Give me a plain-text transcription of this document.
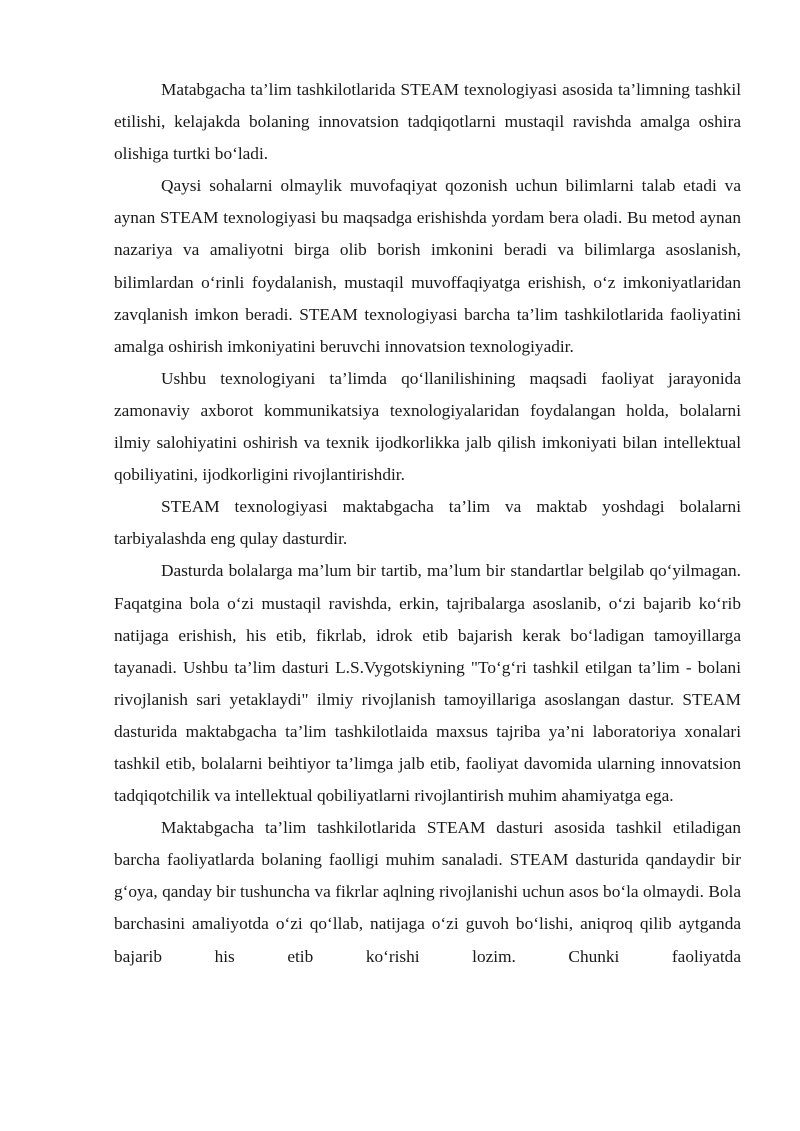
Matabgacha ta’lim tashkilotlarida STEAM texnologiyasi asosida ta’limning tashkil etilishi, kelajakda bolaning innovatsion tadqiqotlarni mustaqil ravishda amalga oshira olishiga turtki bo‘ladi.

Qaysi sohalarni olmaylik muvofaqiyat qozonish uchun bilimlarni talab etadi va aynan STEAM texnologiyasi bu maqsadga erishishda yordam bera oladi. Bu metod aynan nazariya va amaliyotni birga olib borish imkonini beradi va bilimlarga asoslanish, bilimlardan o‘rinli foydalanish, mustaqil muvoffaqiyatga erishish, o‘z imkoniyatlaridan zavqlanish imkon beradi. STEAM texnologiyasi barcha ta’lim tashkilotlarida faoliyatini amalga oshirish imkoniyatini beruvchi innovatsion texnologiyadir.

Ushbu texnologiyani ta’limda qo‘llanilishining maqsadi faoliyat jarayonida zamonaviy axborot kommunikatsiya texnologiyalaridan foydalangan holda, bolalarni ilmiy salohiyatini oshirish va texnik ijodkorlikka jalb qilish imkoniyati bilan intellektual qobiliyatini, ijodkorligini rivojlantirishdir.

STEAM texnologiyasi maktabgacha ta’lim va maktab yoshdagi bolalarni tarbiyalashda eng qulay dasturdir.

Dasturda bolalarga ma’lum bir tartib, ma’lum bir standartlar belgilab qo‘yilmagan. Faqatgina bola o‘zi mustaqil ravishda, erkin, tajribalarga asoslanib, o‘zi bajarib ko‘rib natijaga erishish, his etib, fikrlab, idrok etib bajarish kerak bo‘ladigan tamoyillarga tayanadi. Ushbu ta’lim dasturi L.S.Vygotskiyning "To‘g‘ri tashkil etilgan ta’lim - bolani rivojlanish sari yetaklaydi" ilmiy rivojlanish tamoyillariga asoslangan dastur. STEAM dasturida maktabgacha ta’lim tashkilotlaida maxsus tajriba ya’ni laboratoriya xonalari tashkil etib, bolalarni beihtiyor ta’limga jalb etib, faoliyat davomida ularning innovatsion tadqiqotchilik va intellektual qobiliyatlarni rivojlantirish muhim ahamiyatga ega.

Maktabgacha ta’lim tashkilotlarida STEAM dasturi asosida tashkil etiladigan barcha faoliyatlarda bolaning faolligi muhim sanaladi. STEAM dasturida qandaydir bir g‘oya, qanday bir tushuncha va fikrlar aqlning rivojlanishi uchun asos bo‘la olmaydi. Bola barchasini amaliyotda o‘zi qo‘llab, natijaga o‘zi guvoh bo‘lishi, aniqroq qilib aytganda bajarib his etib ko‘rishi lozim. Chunki faoliyatda
